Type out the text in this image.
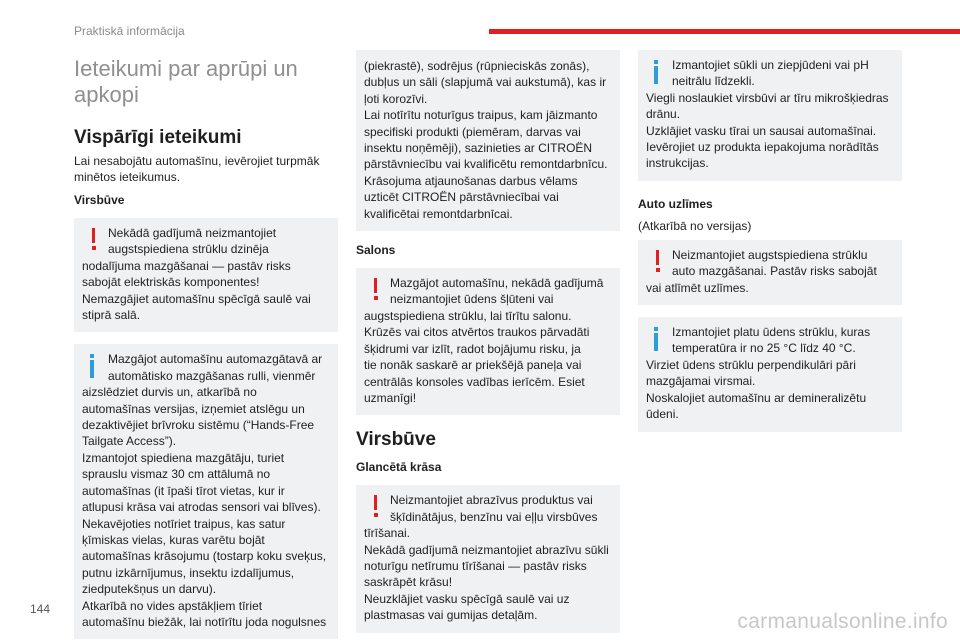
Praktiskā informācija
Ieteikumi par aprūpi un apkopi
Vispārīgi ieteikumi

Lai nesabojātu automašīnu, ievērojiet turpmāk minētos ieteikumus.

Virsbūve
Nekādā gadījumā neizmantojiet
augstspiediena strūklu dzinēja
nodalījuma mazgāšanai — pastāv risks
sabojāt elektriskās komponentes!
Nemazgājiet automašīnu spēcīgā saulē vai
stiprā salā.
Mazgājot automašīnu automazgātavā ar
automātisko mazgāšanas rulli, vienmēr
aizslēdziet durvis un, atkarībā no
automašīnas versijas, izņemiet atslēgu un
dezaktivējiet brīvroku sistēmu (“Hands-Free
Tailgate Access”).
Izmantojot spiediena mazgātāju, turiet
sprauslu vismaz 30 cm attālumā no
automašīnas (it īpaši tīrot vietas, kur ir
atlupusi krāsa vai atrodas sensori vai blīves).
Nekavējoties notīriet traipus, kas satur
ķīmiskas vielas, kuras varētu bojāt
automašīnas krāsojumu (tostarp koku sveķus,
putnu izkārnījumus, insektu izdalījumus,
ziedputekšņus un darvu).
Atkarībā no vides apstākļiem tīriet
automašīnu biežāk, lai notīrītu joda nogulsnes
(piekrastē), sodrējus (rūpnieciskās zonās),
dubļus un sāli (slapjumā vai aukstumā), kas ir
ļoti korozīvi.
Lai notīrītu noturīgus traipus, kam jāizmanto
specifiski produkti (piemēram, darvas vai
insektu noņēmēji), sazinieties ar CITROËN
pārstāvniecību vai kvalificētu remontdarbnīcu.
Krāsojuma atjaunošanas darbus vēlams
uzticēt CITROËN pārstāvniecībai vai
kvalificētai remontdarbnīcai.
Salons
Mazgājot automašīnu, nekādā gadījumā
neizmantojiet ūdens šļūteni vai
augstspiediena strūklu, lai tīrītu salonu.
Krūzēs vai citos atvērtos traukos pārvadāti
šķidrumi var izlīt, radot bojājumu risku, ja
tie nonāk saskarē ar priekšējā paneļa vai
centrālās konsoles vadības ierīcēm. Esiet
uzmanīgi!
Virsbūve
Glancētā krāsa
Neizmantojiet abrazīvus produktus vai
šķīdinātājus, benzīnu vai eļļu virsbūves
tīrīšanai.
Nekādā gadījumā neizmantojiet abrazīvu sūkli
noturīgu netīrumu tīrīšanai — pastāv risks
saskrāpēt krāsu!
Neuzklājiet vasku spēcīgā saulē vai uz
plastmasas vai gumijas detaļām.
Izmantojiet sūkli un ziepjūdeni vai pH
neitrālu līdzekli.
Viegli noslaukiet virsbūvi ar tīru mikrošķiedras
drānu.
Uzklājiet vasku tīrai un sausai automašīnai.
Ievērojiet uz produkta iepakojuma norādītās
instrukcijas.
Auto uzlīmes

(Atkarībā no versijas)

Neizmantojiet augstspiediena strūklu
auto mazgāšanai. Pastāv risks sabojāt
vai atlīmēt uzlīmes.
Izmantojiet platu ūdens strūklu, kuras
temperatūra ir no 25 °C līdz 40 °C.
Virziet ūdens strūklu perpendikulāri pāri
mazgājamai virsmai.
Noskalojiet automašīnu ar demineralizētu
ūdeni.
144
carmanualsonline.info
